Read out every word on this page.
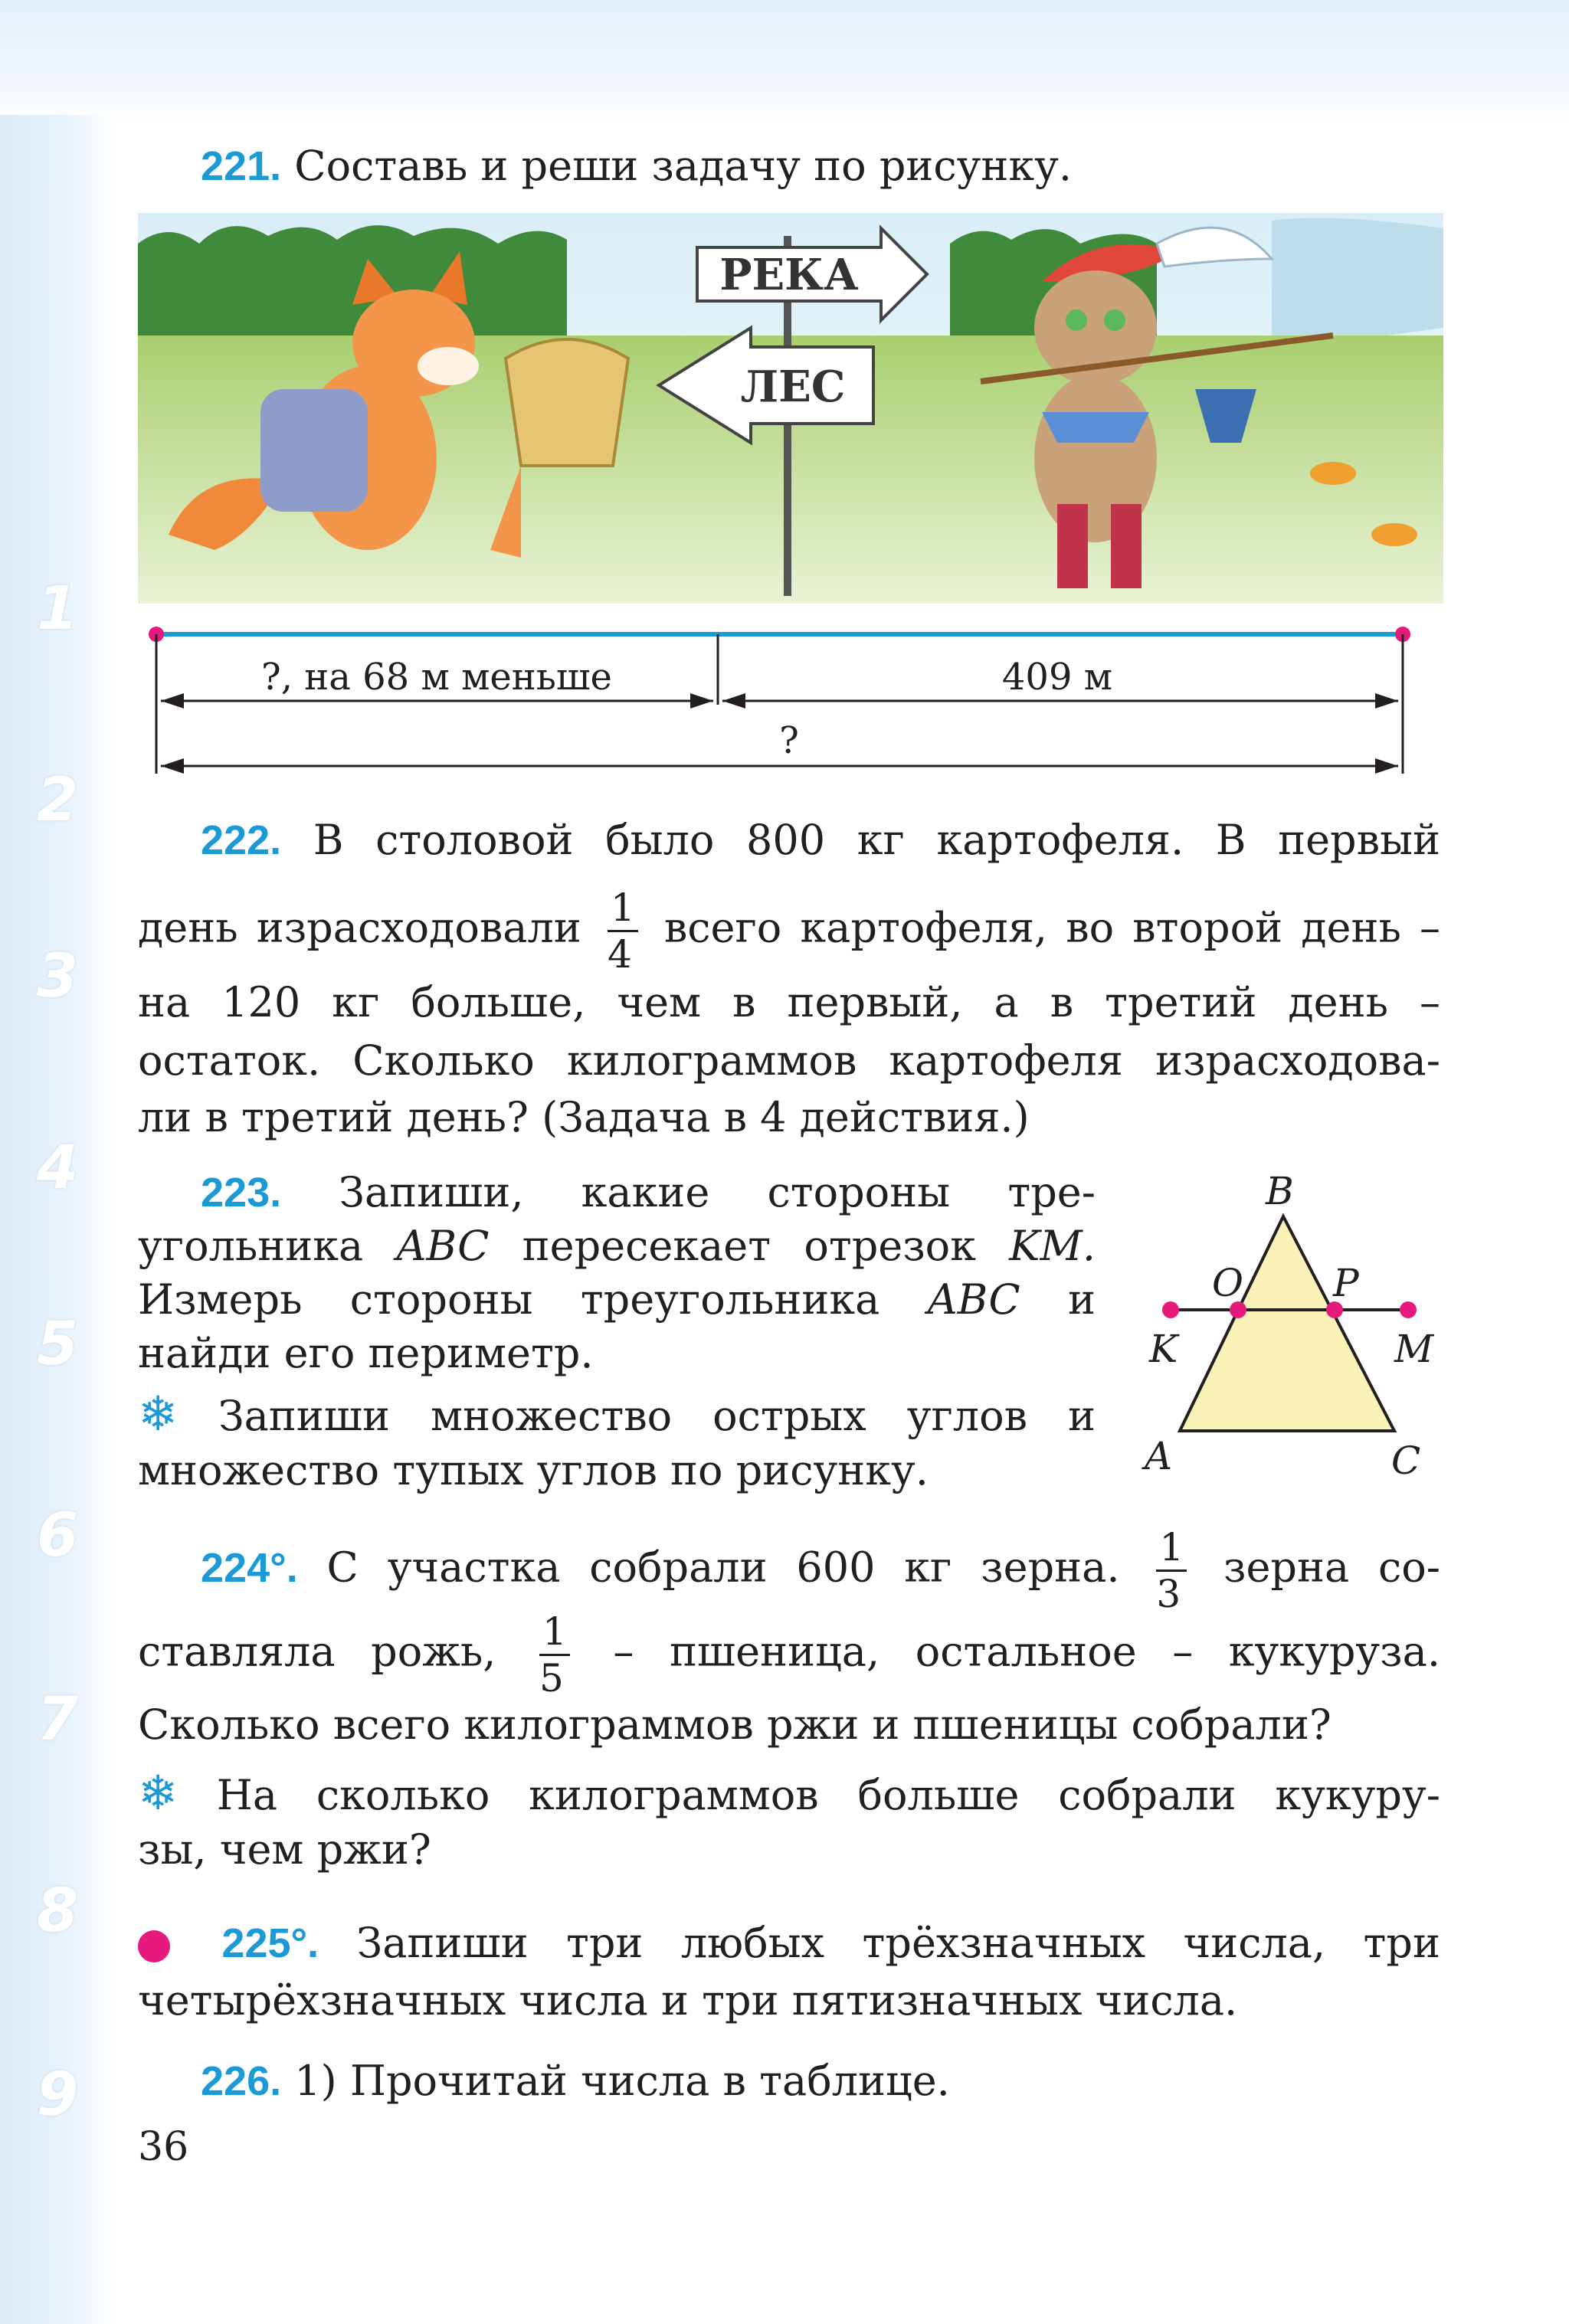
1
2
3
4
5
6
7
8
9
221. Составь и реши задачу по рисунку.
РЕКА
ЛЕС
?, на 68 м меньше	409 м
?
222. В столовой было 800 кг картофеля. В первый
день израсходовали $\frac{1}{4}$ всего картофеля, во второй день –
на 120 кг больше, чем в первый, а в третий день –
остаток. Сколько килограммов картофеля израсходова-
ли в третий день? (Задача в 4 действия.)
223. Запиши, какие стороны тре-
угольника ABC пересекает отрезок KM.
Измерь стороны треугольника ABC и
найди его периметр.
❄ Запиши множество острых углов и
множество тупых углов по рисунку.
B
O P
K	M
A	C
224°. С участка собрали 600 кг зерна. $\frac{1}{3}$ зерна со-
ставляла рожь, $\frac{1}{5}$ – пшеница, остальное – кукуруза.
Сколько всего килограммов ржи и пшеницы собрали?
❄ На сколько килограммов больше собрали кукуру-
зы, чем ржи?
225°. Запиши три любых трёхзначных числа, три
четырёхзначных числа и три пятизначных числа.
226. 1) Прочитай числа в таблице.
36
